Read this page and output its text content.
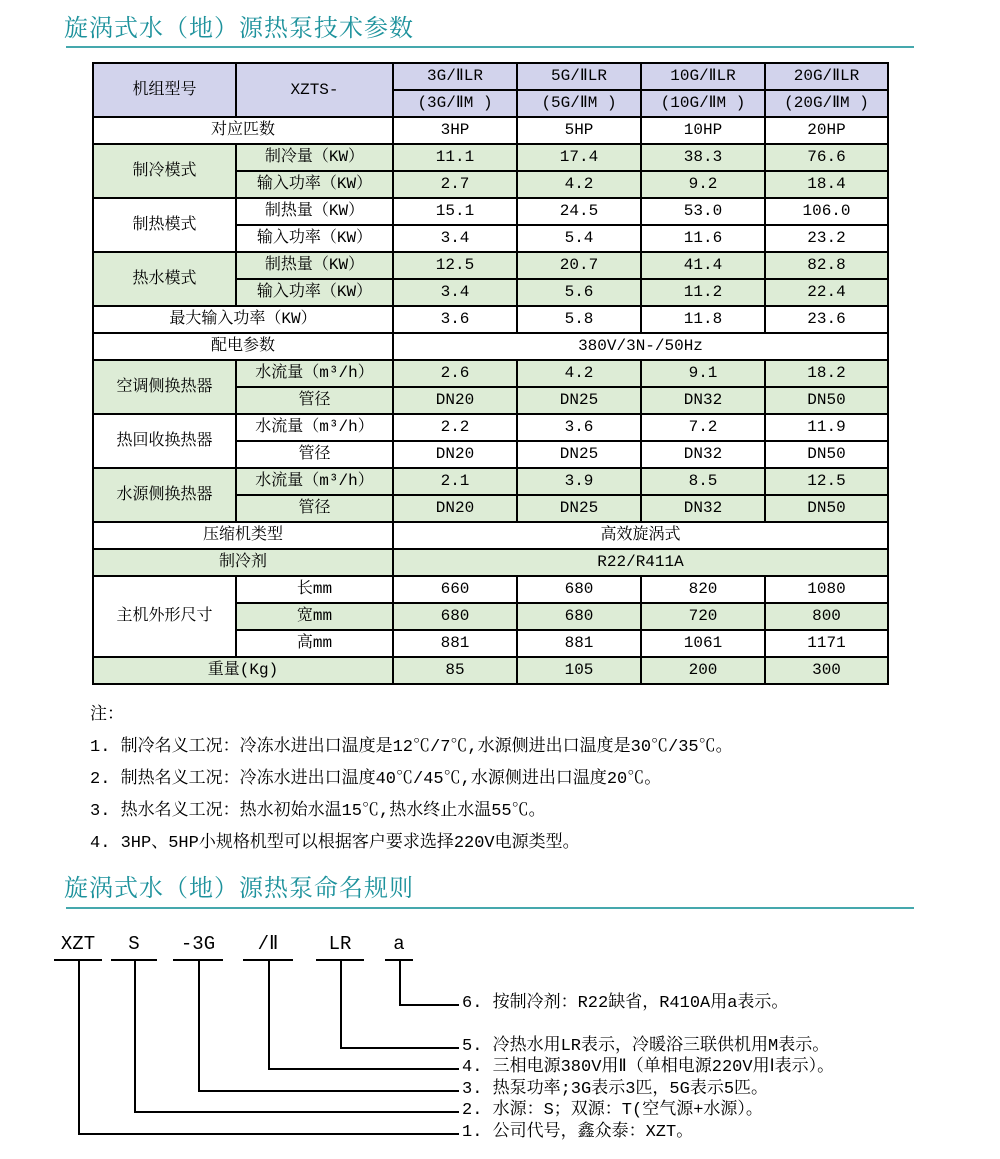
旋涡式水（地）源热泵技术参数
机组型号	XZTS-	3G/ⅡLR	5G/ⅡLR	10G/ⅡLR	20G/ⅡLR
		(3G/ⅡM )	(5G/ⅡM )	(10G/ⅡM )	(20G/ⅡM )
对应匹数		3HP	5HP	10HP	20HP
制冷模式	制冷量（KW）	11.1	17.4	38.3	76.6
	输入功率（KW）	2.7	4.2	9.2	18.4
制热模式	制热量（KW）	15.1	24.5	53.0	106.0
	输入功率（KW）	3.4	5.4	11.6	23.2
热水模式	制热量（KW）	12.5	20.7	41.4	82.8
	输入功率（KW）	3.4	5.6	11.2	22.4
最大输入功率（KW）		3.6	5.8	11.8	23.6
配电参数		380V/3N-/50Hz			
空调侧换热器	水流量（m³/h）	2.6	4.2	9.1	18.2
	管径	DN20	DN25	DN32	DN50
热回收换热器	水流量（m³/h）	2.2	3.6	7.2	11.9
	管径	DN20	DN25	DN32	DN50
水源侧换热器	水流量（m³/h）	2.1	3.9	8.5	12.5
	管径	DN20	DN25	DN32	DN50
压缩机类型		高效旋涡式			
制冷剂		R22/R411A			
主机外形尺寸	长mm	660	680	820	1080
	宽mm	680	680	720	800
	高mm	881	881	1061	1171
重量(Kg)		85	105	200	300
注：
1. 制冷名义工况：冷冻水进出口温度是12℃/7℃,水源侧进出口温度是30℃/35℃。
2. 制热名义工况：冷冻水进出口温度40℃/45℃,水源侧进出口温度20℃。
3. 热水名义工况：热水初始水温15℃,热水终止水温55℃。
4. 3HP、5HP小规格机型可以根据客户要求选择220V电源类型。
旋涡式水（地）源热泵命名规则
XZT	S	-3G	/Ⅱ	LR	a
6. 按制冷剂：R22缺省，R410A用a表示。
5. 冷热水用LR表示，冷暖浴三联供机用M表示。
4. 三相电源380V用Ⅱ（单相电源220V用Ⅰ表示）。
3. 热泵功率;3G表示3匹，5G表示5匹。
2. 水源：S；双源：T(空气源+水源）。
1. 公司代号，鑫众泰：XZT。
